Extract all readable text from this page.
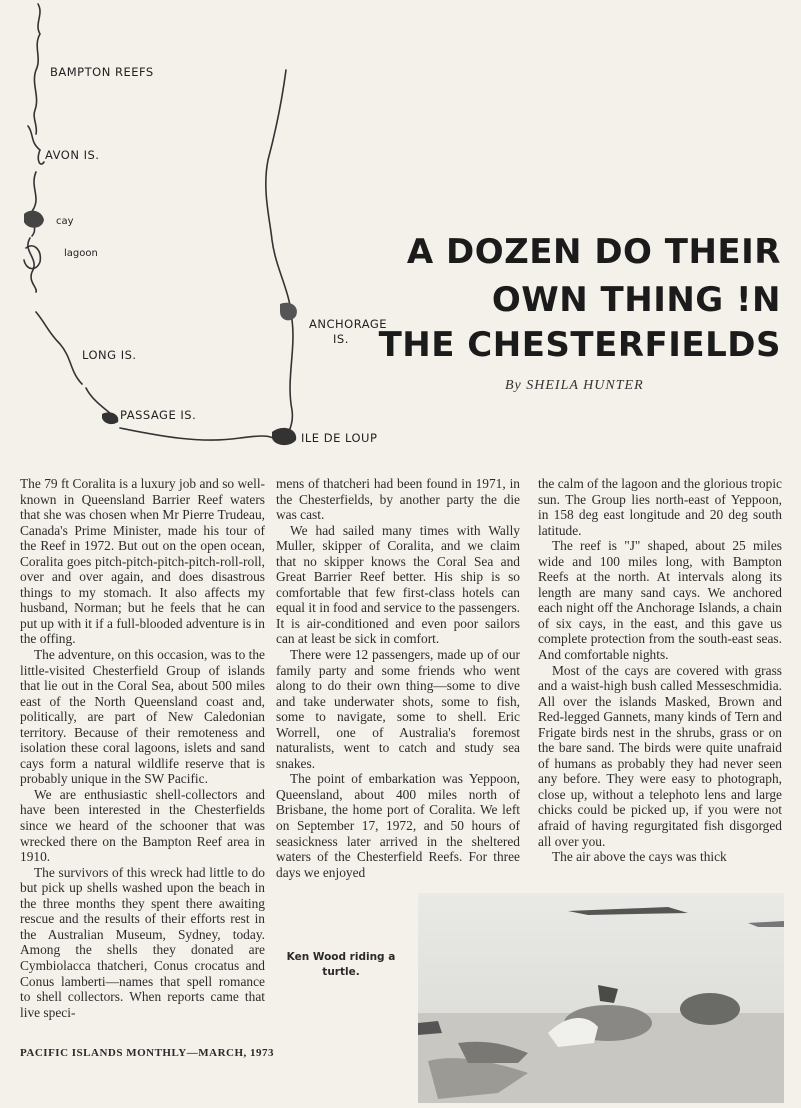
BAMPTON REEFS
AVON IS.
cay
lagoon
LONG IS.
PASSAGE IS.
ANCHORAGE
IS.
ILE DE LOUP
A DOZEN DO THEIR
OWN THING !N
THE CHESTERFIELDS
By SHEILA HUNTER

The 79 ft Coralita is a luxury job and so well-known in Queensland Barrier Reef waters that she was chosen when Mr Pierre Trudeau, Canada's Prime Minister, made his tour of the Reef in 1972. But out on the open ocean, Coralita goes pitch-pitch-pitch-pitch-roll-roll, over and over again, and does disastrous things to my stomach. It also affects my husband, Norman; but he feels that he can put up with it if a full-blooded adventure is in the offing.

The adventure, on this occasion, was to the little-visited Chesterfield Group of islands that lie out in the Coral Sea, about 500 miles east of the North Queensland coast and, politically, are part of New Caledonian territory. Because of their remoteness and isolation these coral lagoons, islets and sand cays form a natural wildlife reserve that is probably unique in the SW Pacific.

We are enthusiastic shell-collectors and have been interested in the Chesterfields since we heard of the schooner that was wrecked there on the Bampton Reef area in 1910.

The survivors of this wreck had little to do but pick up shells washed upon the beach in the three months they spent there awaiting rescue and the results of their efforts rest in the Australian Museum, Sydney, today. Among the shells they donated are Cymbiolacca thatcheri, Conus crocatus and Conus lamberti—names that spell romance to shell collectors. When reports came that live speci-

mens of thatcheri had been found in 1971, in the Chesterfields, by another party the die was cast.

We had sailed many times with Wally Muller, skipper of Coralita, and we claim that no skipper knows the Coral Sea and Great Barrier Reef better. His ship is so comfortable that few first-class hotels can equal it in food and service to the passengers. It is air-conditioned and even poor sailors can at least be sick in comfort.

There were 12 passengers, made up of our family party and some friends who went along to do their own thing—some to dive and take underwater shots, some to fish, some to navigate, some to shell. Eric Worrell, one of Australia's foremost naturalists, went to catch and study sea snakes.

The point of embarkation was Yeppoon, Queensland, about 400 miles north of Brisbane, the home port of Coralita. We left on September 17, 1972, and 50 hours of seasickness later arrived in the sheltered waters of the Chesterfield Reefs. For three days we enjoyed

the calm of the lagoon and the glorious tropic sun. The Group lies north-east of Yeppoon, in 158 deg east longitude and 20 deg south latitude.

The reef is "J" shaped, about 25 miles wide and 100 miles long, with Bampton Reefs at the north. At intervals along its length are many sand cays. We anchored each night off the Anchorage Islands, a chain of six cays, in the east, and this gave us complete protection from the south-east seas. And comfortable nights.

Most of the cays are covered with grass and a waist-high bush called Messeschmidia. All over the islands Masked, Brown and Red-legged Gannets, many kinds of Tern and Frigate birds nest in the shrubs, grass or on the bare sand. The birds were quite unafraid of humans as probably they had never seen any before. They were easy to photograph, close up, without a telephoto lens and large chicks could be picked up, if you were not afraid of having regurgitated fish disgorged all over you.

The air above the cays was thick

Ken Wood riding a turtle.
PACIFIC ISLANDS MONTHLY—MARCH, 1973
